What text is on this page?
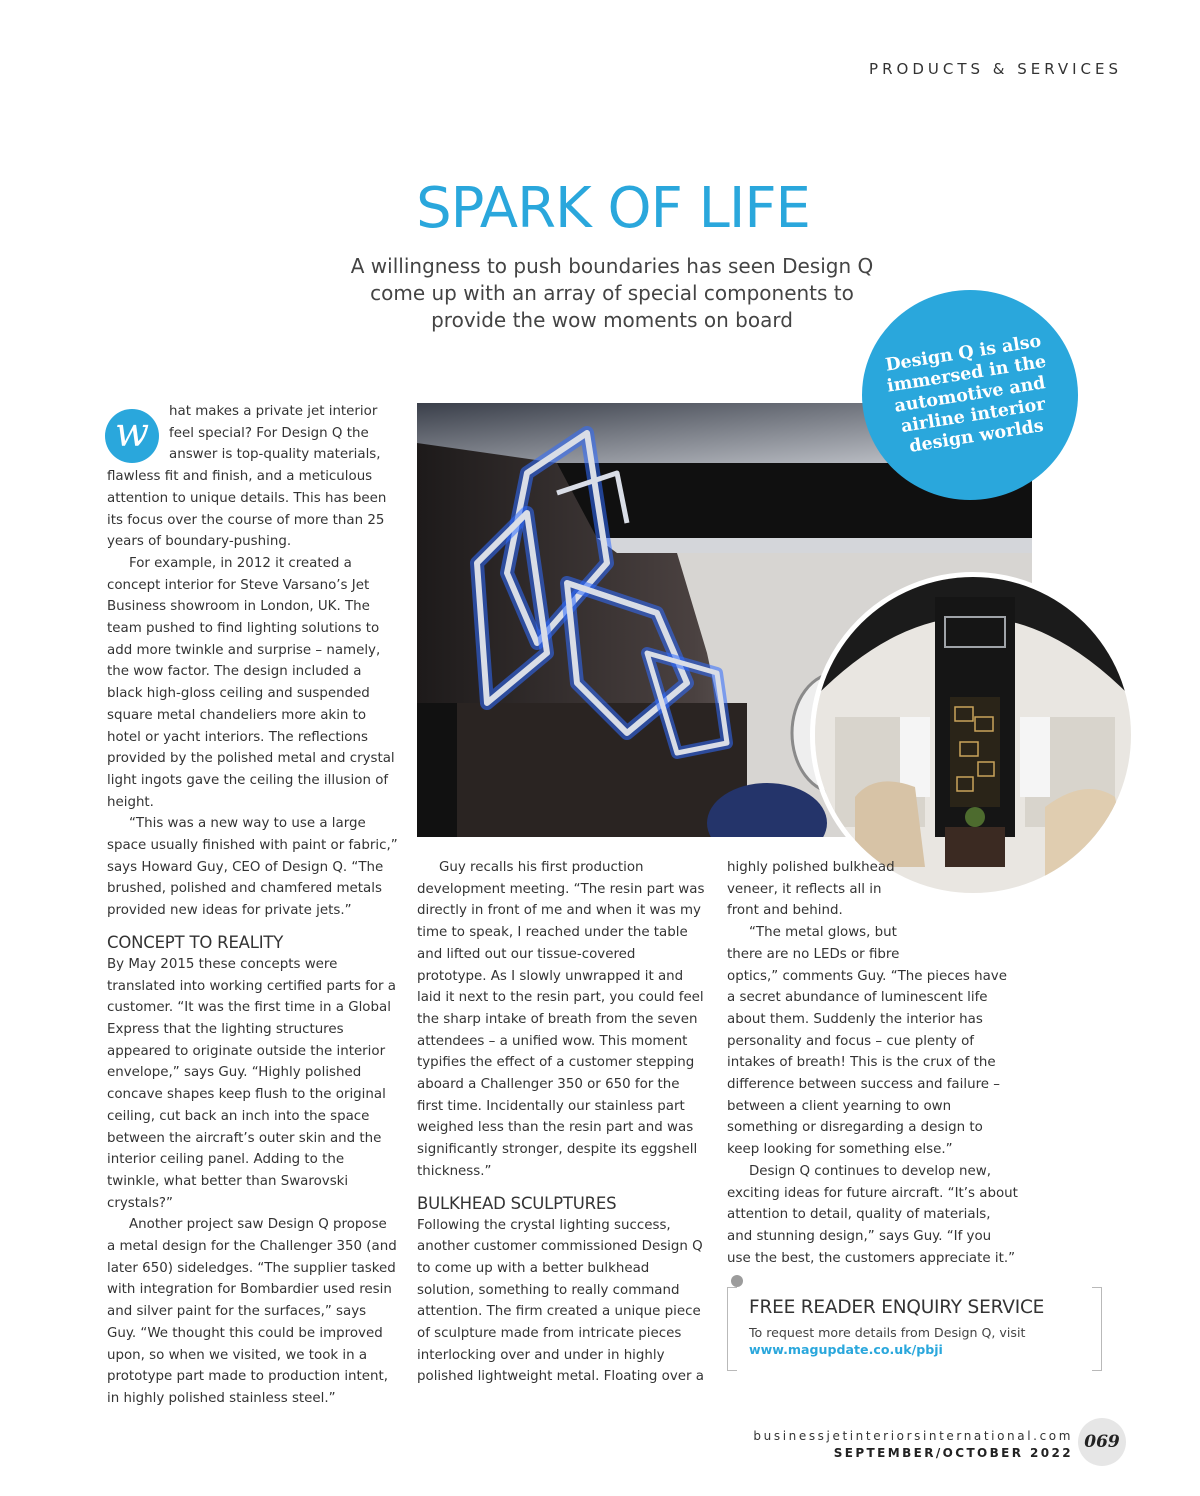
PRODUCTS & SERVICES
SPARK OF LIFE
A willingness to push boundaries has seen Design Q come up with an array of special components to provide the wow moments on board
Design Q is also immersed in the automotive and airline interior design worlds

w	hat makes a private jet interior feel special? For Design Q the answer is top-quality materials, flawless fit and finish, and a meticulous attention to unique details. This has been its focus over the course of more than 25 years of boundary-pushing.

For example, in 2012 it created a concept interior for Steve Varsano’s Jet Business showroom in London, UK. The team pushed to find lighting solutions to add more twinkle and surprise – namely, the wow factor. The design included a black high-gloss ceiling and suspended square metal chandeliers more akin to hotel or yacht interiors. The reflections provided by the polished metal and crystal light ingots gave the ceiling the illusion of height.

“This was a new way to use a large space usually finished with paint or fabric,” says Howard Guy, CEO of Design Q. “The brushed, polished and chamfered metals provided new ideas for private jets.”

CONCEPT TO REALITY

By May 2015 these concepts were translated into working certified parts for a customer. “It was the first time in a Global Express that the lighting structures appeared to originate outside the interior envelope,” says Guy. “Highly polished concave shapes keep flush to the original ceiling, cut back an inch into the space between the aircraft’s outer skin and the interior ceiling panel. Adding to the twinkle, what better than Swarovski crystals?”

Another project saw Design Q propose a metal design for the Challenger 350 (and later 650) sideledges. “The supplier tasked with integration for Bombardier used resin and silver paint for the surfaces,” says Guy. “We thought this could be improved upon, so when we visited, we took in a prototype part made to production intent, in highly polished stainless steel.”

Guy recalls his first production development meeting. “The resin part was directly in front of me and when it was my time to speak, I reached under the table and lifted out our tissue-covered prototype. As I slowly unwrapped it and laid it next to the resin part, you could feel the sharp intake of breath from the seven attendees – a unified wow. This moment typifies the effect of a customer stepping aboard a Challenger 350 or 650 for the first time. Incidentally our stainless part weighed less than the resin part and was significantly stronger, despite its eggshell thickness.”

BULKHEAD SCULPTURES

Following the crystal lighting success, another customer commissioned Design Q to come up with a better bulkhead solution, something to really command attention. The firm created a unique piece of sculpture made from intricate pieces interlocking over and under in highly polished lightweight metal. Floating over a

highly polished bulkhead veneer, it reflects all in front and behind.

“The metal glows, but there are no LEDs or fibre optics,” comments Guy. “The pieces have a secret abundance of luminescent life about them. Suddenly the interior has personality and focus – cue plenty of intakes of breath! This is the crux of the difference between success and failure – between a client yearning to own something or disregarding a design to keep looking for something else.”

Design Q continues to develop new, exciting ideas for future aircraft. “It’s about attention to detail, quality of materials, and stunning design,” says Guy. “If you use the best, the customers appreciate it.”✕

FREE READER ENQUIRY SERVICE
To request more details from Design Q, visit www.magupdate.co.uk/pbji
businessjetinteriorsinternational.com
SEPTEMBER/OCTOBER 2022
069
